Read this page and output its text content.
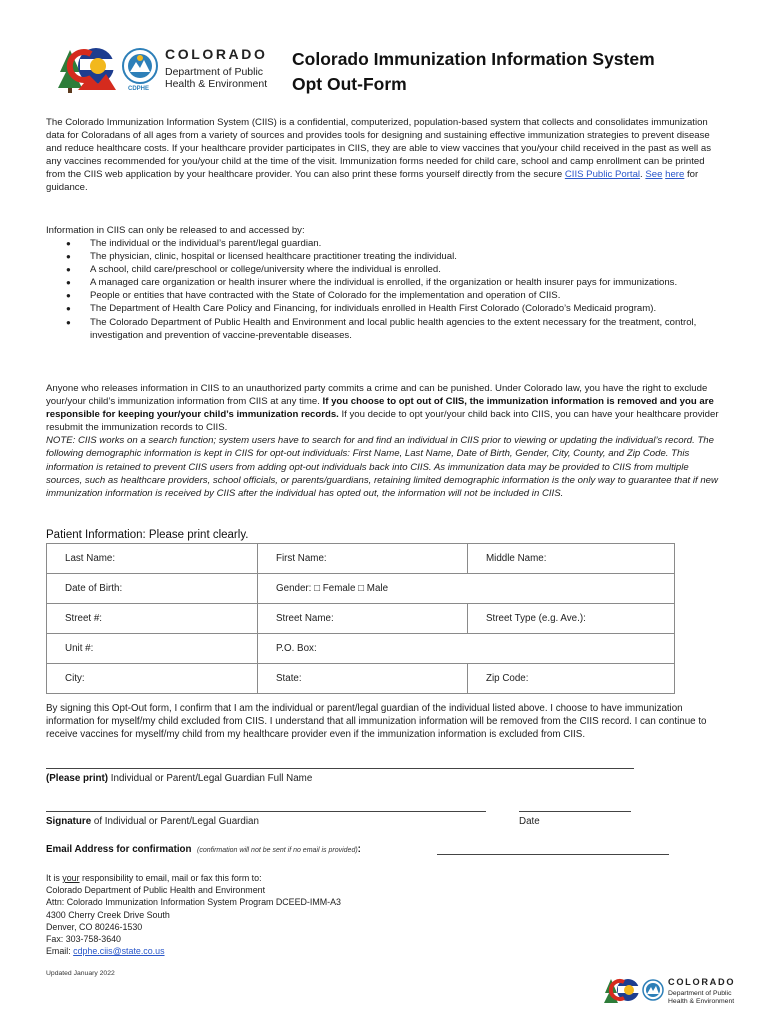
CDPHE
COLORADO
Department of Public
Health & Environment
Colorado Immunization Information System
Opt Out-Form

The Colorado Immunization Information System (CIIS) is a confidential, computerized, population-based system that collects and consolidates immunization data for Coloradans of all ages from a variety of sources and provides tools for designing and sustaining effective immunization strategies to prevent disease and reduce healthcare costs. If your healthcare provider participates in CIIS, they are able to view vaccines that you/your child received in the past as well as any vaccines recommended for you/your child at the time of the visit. Immunization forms needed for child care, school and camp enrollment can be printed from the CIIS web application by your healthcare provider. You can also print these forms yourself directly from the secure CIIS Public Portal. See here for guidance.

Information in CIIS can only be released to and accessed by:

● The individual or the individual’s parent/legal guardian.
● The physician, clinic, hospital or licensed healthcare practitioner treating the individual.
● A school, child care/preschool or college/university where the individual is enrolled.
● A managed care organization or health insurer where the individual is enrolled, if the organization or health insurer pays for immunizations.
● People or entities that have contracted with the State of Colorado for the implementation and operation of CIIS.
● The Department of Health Care Policy and Financing, for individuals enrolled in Health First Colorado (Colorado’s Medicaid program).
● The Colorado Department of Public Health and Environment and local public health agencies to the extent necessary for the treatment, control, investigation and prevention of vaccine-preventable diseases.

Anyone who releases information in CIIS to an unauthorized party commits a crime and can be punished. Under Colorado law, you have the right to exclude your/your child’s immunization information from CIIS at any time. If you choose to opt out of CIIS, the immunization information is removed and you are responsible for keeping your/your child’s immunization records. If you decide to opt your/your child back into CIIS, you can have your healthcare provider resubmit the immunization records to CIIS.
NOTE: CIIS works on a search function; system users have to search for and find an individual in CIIS prior to viewing or updating the individual’s record. The following demographic information is kept in CIIS for opt-out individuals: First Name, Last Name, Date of Birth, Gender, City, County, and Zip Code. This information is retained to prevent CIIS users from adding opt-out individuals back into CIIS. As immunization data may be provided to CIIS from multiple sources, such as healthcare providers, school officials, or parents/guardians, retaining limited demographic information is the only way to guarantee that if new immunization information is received by CIIS after the individual has opted out, the information will not be included in CIIS.

Patient Information: Please print clearly.
Last Name:	First Name:	Middle Name:
Date of Birth:	Gender: □ Female □ Male	
Street #:	Street Name:	Street Type (e.g. Ave.):
Unit #:	P.O. Box:	
City:	State:	Zip Code:

By signing this Opt-Out form, I confirm that I am the individual or parent/legal guardian of the individual listed above. I choose to have immunization information for myself/my child excluded from CIIS. I understand that all immunization information will be removed from the CIIS record. I can continue to receive vaccines for myself/my child from my healthcare provider even if the immunization information is excluded from CIIS.

(Please print) Individual or Parent/Legal Guardian Full Name
Signature of Individual or Parent/Legal Guardian	Date
Email Address for confirmation (confirmation will not be sent if no email is provided):
It is your responsibility to email, mail or fax this form to:
Colorado Department of Public Health and Environment
Attn: Colorado Immunization Information System Program DCEED-IMM-A3
4300 Cherry Creek Drive South
Denver, CO 80246-1530
Fax: 303-758-3640
Email: cdphe.ciis@state.co.us
Updated January 2022
COLORADO
Department of Public
Health & Environment
